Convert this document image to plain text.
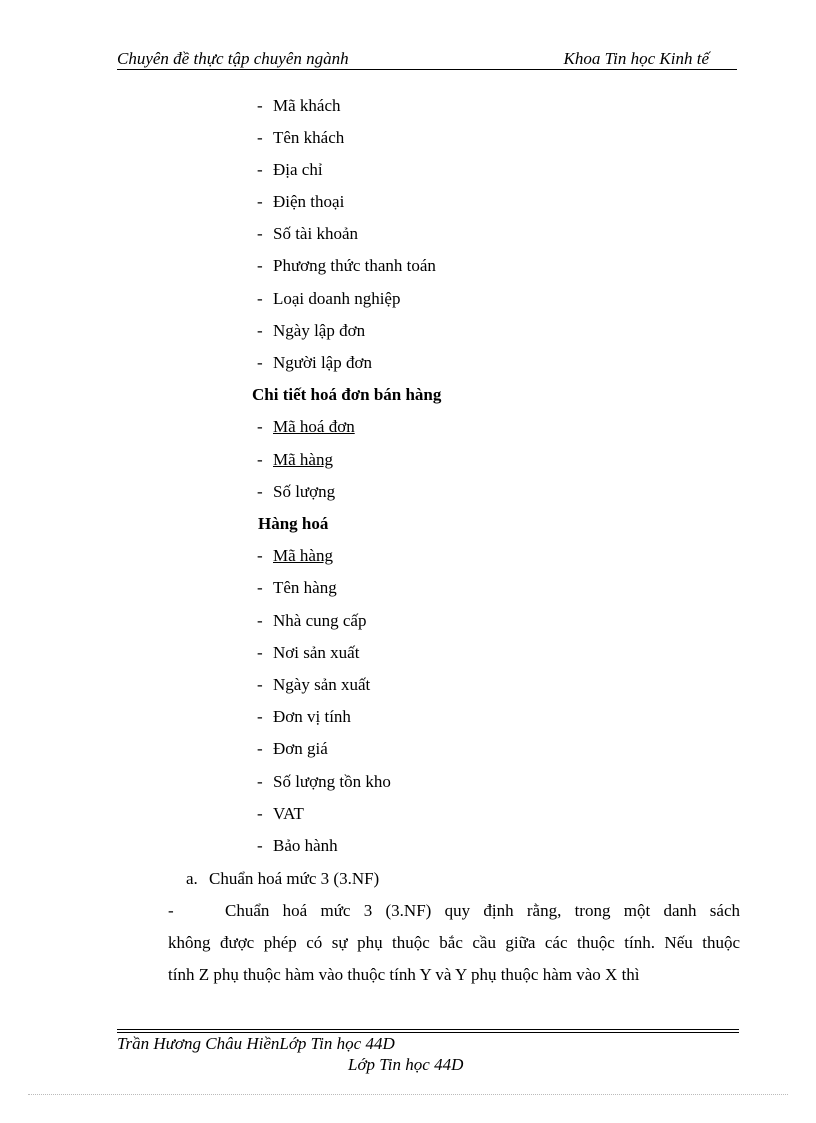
Chuyên đề thực tập chuyên ngành	Khoa Tin học Kinh tế
- Mã khách
- Tên khách
- Địa chỉ
- Điện thoại
- Số tài khoản
- Phương thức thanh toán
- Loại doanh nghiệp
- Ngày lập đơn
- Người lập đơn
Chi tiết hoá đơn bán hàng
- Mã hoá đơn
- Mã hàng
- Số lượng
Hàng hoá
- Mã hàng
- Tên hàng
- Nhà cung cấp
- Nơi sản xuất
- Ngày sản xuất
- Đơn vị tính
- Đơn giá
- Số lượng tồn kho
- VAT
- Bảo hành
a. Chuẩn hoá mức 3 (3.NF)
-	Chuẩn hoá mức 3 (3.NF) quy định rằng, trong một danh sách
không được phép có sự phụ thuộc bắc cầu giữa các thuộc tính. Nếu thuộc
tính Z phụ thuộc hàm vào thuộc tính Y và Y phụ thuộc hàm vào X thì
Trần Hương Châu HiềnLớp Tin học 44D
Lớp Tin học 44D
